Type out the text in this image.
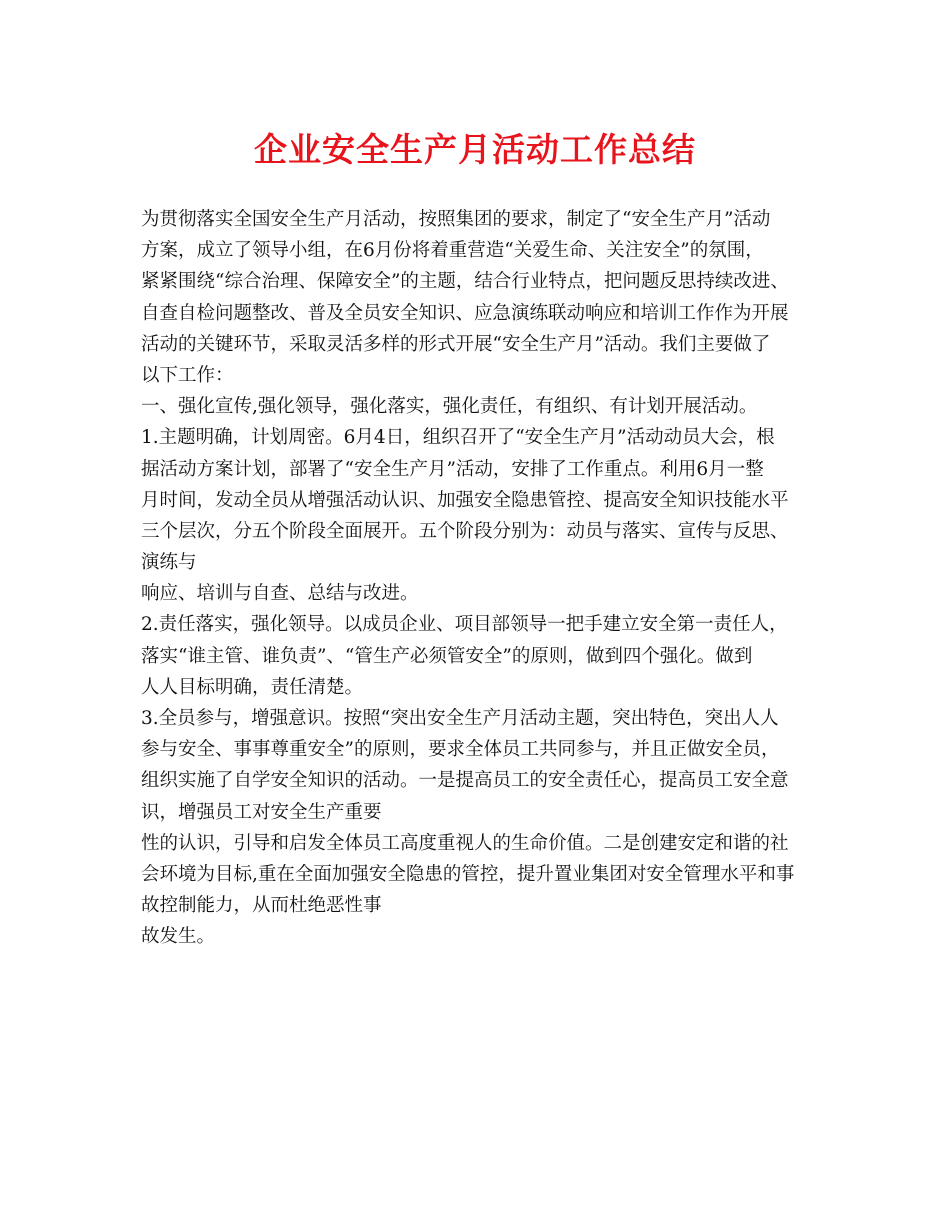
企业安全生产月活动工作总结
为贯彻落实全国安全生产月活动，按照集团的要求，制定了“安全生产月”活动
方案，成立了领导小组，在6月份将着重营造“关爱生命、关注安全”的氛围，
紧紧围绕“综合治理、保障安全”的主题，结合行业特点，把问题反思持续改进、
自查自检问题整改、普及全员安全知识、应急演练联动响应和培训工作作为开展
活动的关键环节，采取灵活多样的形式开展“安全生产月”活动。我们主要做了
以下工作：
一、强化宣传,强化领导，强化落实，强化责任，有组织、有计划开展活动。
1.主题明确，计划周密。6月4日，组织召开了“安全生产月”活动动员大会，根
据活动方案计划，部署了“安全生产月”活动，安排了工作重点。利用6月一整
月时间，发动全员从增强活动认识、加强安全隐患管控、提高安全知识技能水平
三个层次，分五个阶段全面展开。五个阶段分别为：动员与落实、宣传与反思、
演练与
响应、培训与自查、总结与改进。
2.责任落实，强化领导。以成员企业、项目部领导一把手建立安全第一责任人，
落实“谁主管、谁负责”、“管生产必须管安全”的原则，做到四个强化。做到
人人目标明确，责任清楚。
3.全员参与，增强意识。按照“突出安全生产月活动主题，突出特色，突出人人
参与安全、事事尊重安全”的原则，要求全体员工共同参与，并且正做安全员，
组织实施了自学安全知识的活动。一是提高员工的安全责任心，提高员工安全意
识，增强员工对安全生产重要
性的认识，引导和启发全体员工高度重视人的生命价值。二是创建安定和谐的社
会环境为目标,重在全面加强安全隐患的管控，提升置业集团对安全管理水平和事
故控制能力，从而杜绝恶性事
故发生。
